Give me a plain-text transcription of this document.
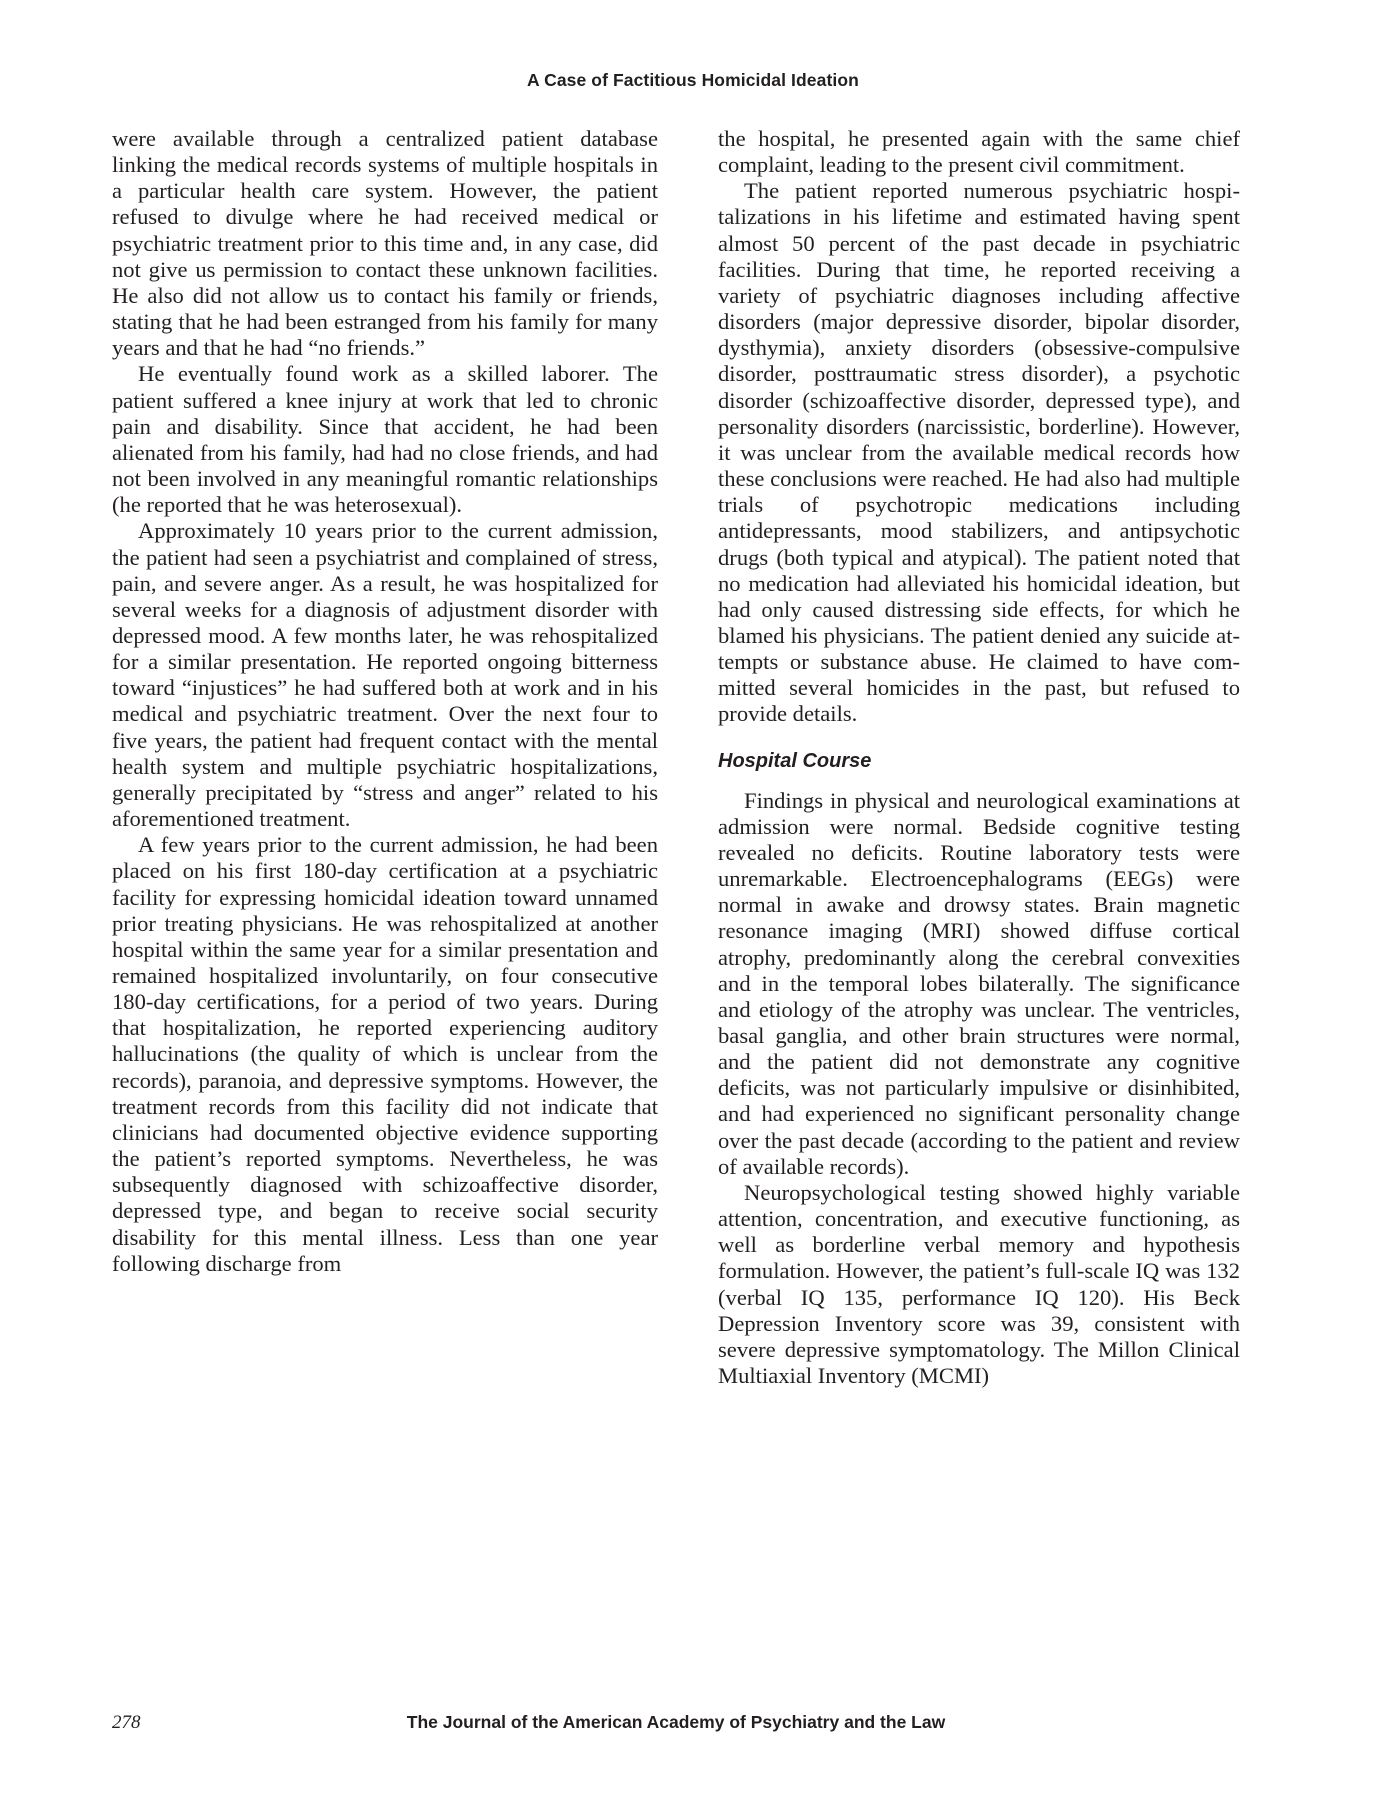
A Case of Factitious Homicidal Ideation

were available through a centralized patient database linking the medical records systems of multiple hospitals in a particular health care system. However, the patient refused to divulge where he had received medical or psychiatric treatment prior to this time and, in any case, did not give us permission to contact these unknown facilities. He also did not allow us to contact his family or friends, stating that he had been estranged from his family for many years and that he had “no friends.”

He eventually found work as a skilled laborer. The patient suffered a knee injury at work that led to chronic pain and disability. Since that accident, he had been alienated from his family, had had no close friends, and had not been involved in any meaningful romantic relationships (he reported that he was heterosexual).

Approximately 10 years prior to the current admission, the patient had seen a psychiatrist and complained of stress, pain, and severe anger. As a result, he was hospitalized for several weeks for a diagnosis of adjustment disorder with depressed mood. A few months later, he was rehospitalized for a similar presentation. He reported ongoing bitterness toward “injustices” he had suffered both at work and in his medical and psychiatric treatment. Over the next four to five years, the patient had frequent contact with the mental health system and multiple psychiatric hospitalizations, generally precipitated by “stress and anger” related to his aforementioned treatment.

A few years prior to the current admission, he had been placed on his first 180-day certification at a psychiatric facility for expressing homicidal ideation toward unnamed prior treating physicians. He was rehospitalized at another hospital within the same year for a similar presentation and remained hospitalized involuntarily, on four consecutive 180-day certifications, for a period of two years. During that hospitalization, he reported experiencing auditory hallucinations (the quality of which is unclear from the records), paranoia, and depressive symptoms. However, the treatment records from this facility did not indicate that clinicians had documented objective evidence supporting the patient’s reported symptoms. Nevertheless, he was subsequently diagnosed with schizoaffective disorder, depressed type, and began to receive social security disability for this mental illness. Less than one year following discharge from

the hospital, he presented again with the same chief complaint, leading to the present civil commitment.

The patient reported numerous psychiatric hospitalizations in his lifetime and estimated having spent almost 50 percent of the past decade in psychiatric facilities. During that time, he reported receiving a variety of psychiatric diagnoses including affective disorders (major depressive disorder, bipolar disorder, dysthymia), anxiety disorders (obsessive-compulsive disorder, posttraumatic stress disorder), a psychotic disorder (schizoaffective disorder, depressed type), and personality disorders (narcissistic, borderline). However, it was unclear from the available medical records how these conclusions were reached. He had also had multiple trials of psychotropic medications including antidepressants, mood stabilizers, and antipsychotic drugs (both typical and atypical). The patient noted that no medication had alleviated his homicidal ideation, but had only caused distressing side effects, for which he blamed his physicians. The patient denied any suicide attempts or substance abuse. He claimed to have committed several homicides in the past, but refused to provide details.

Hospital Course

Findings in physical and neurological examinations at admission were normal. Bedside cognitive testing revealed no deficits. Routine laboratory tests were unremarkable. Electroencephalograms (EEGs) were normal in awake and drowsy states. Brain magnetic resonance imaging (MRI) showed diffuse cortical atrophy, predominantly along the cerebral convexities and in the temporal lobes bilaterally. The significance and etiology of the atrophy was unclear. The ventricles, basal ganglia, and other brain structures were normal, and the patient did not demonstrate any cognitive deficits, was not particularly impulsive or disinhibited, and had experienced no significant personality change over the past decade (according to the patient and review of available records).

Neuropsychological testing showed highly variable attention, concentration, and executive functioning, as well as borderline verbal memory and hypothesis formulation. However, the patient’s full-scale IQ was 132 (verbal IQ 135, performance IQ 120). His Beck Depression Inventory score was 39, consistent with severe depressive symptomatology. The Millon Clinical Multiaxial Inventory (MCMI)

278	The Journal of the American Academy of Psychiatry and the Law
